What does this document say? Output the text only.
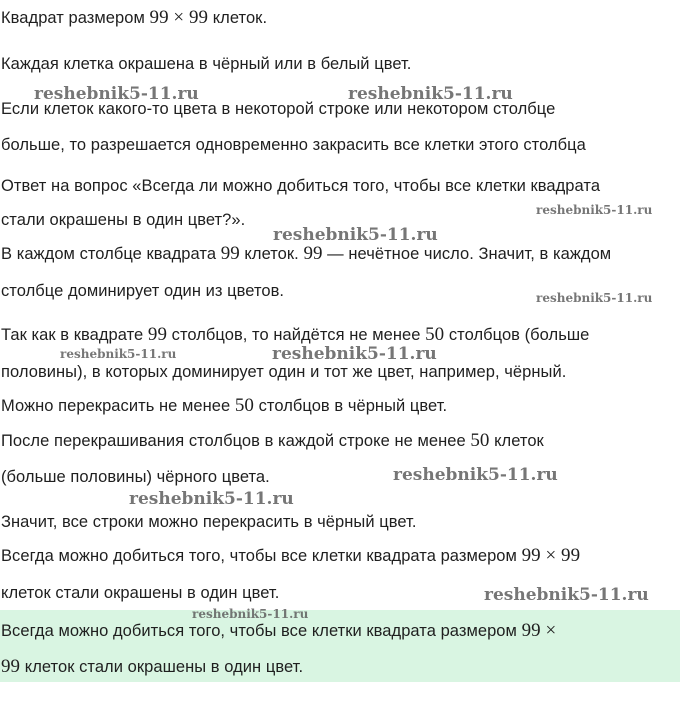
Квадрат размером 99 × 99 клеток.
Каждая клетка окрашена в чёрный или в белый цвет.
Если клеток какого-то цвета в некоторой строке или некотором столбце
больше, то разрешается одновременно закрасить все клетки этого столбца
Ответ на вопрос «Всегда ли можно добиться того, чтобы все клетки квадрата
стали окрашены в один цвет?».
В каждом столбце квадрата 99 клеток. 99 — нечётное число. Значит, в каждом
столбце доминирует один из цветов.
Так как в квадрате 99 столбцов, то найдётся не менее 50 столбцов (больше
половины), в которых доминирует один и тот же цвет, например, чёрный.
Можно перекрасить не менее 50 столбцов в чёрный цвет.
После перекрашивания столбцов в каждой строке не менее 50 клеток
(больше половины) чёрного цвета.
Значит, все строки можно перекрасить в чёрный цвет.
Всегда можно добиться того, чтобы все клетки квадрата размером 99 × 99
клеток стали окрашены в один цвет.
Всегда можно добиться того, чтобы все клетки квадрата размером 99 ×
99 клеток стали окрашены в один цвет.
reshebnik5-11.ru	reshebnik5-11.ru
reshebnik5-11.ru
reshebnik5-11.ru
reshebnik5-11.ru
reshebnik5-11.ru	reshebnik5-11.ru
reshebnik5-11.ru
reshebnik5-11.ru
reshebnik5-11.ru
reshebnik5-11.ru
